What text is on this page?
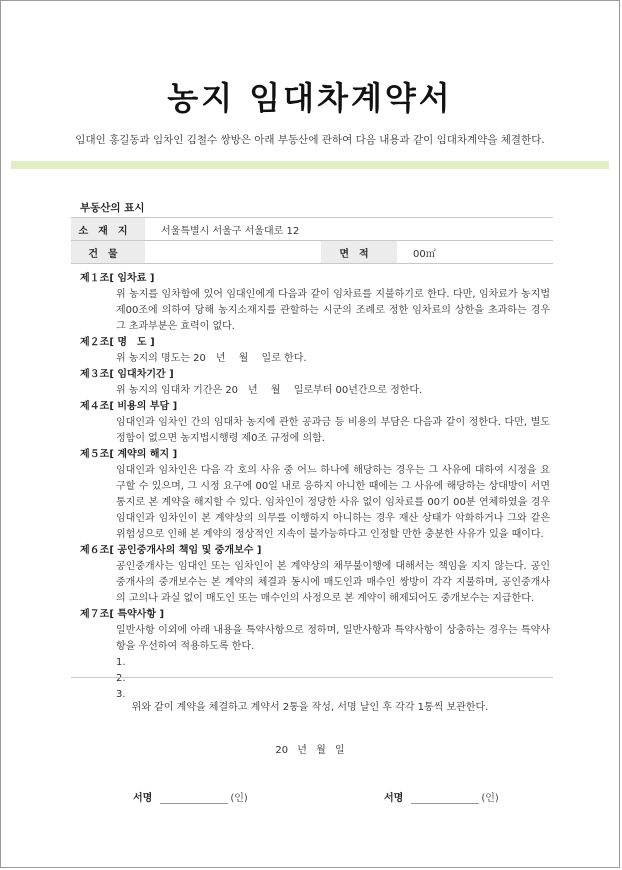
농지 임대차계약서
임대인 홍길동과 임차인 김철수 쌍방은 아래 부동산에 관하여 다음 내용과 같이 임대차계약을 체결한다.
부동산의 표시
소재지	서울특별시 서울구 서울대로 12		
건물		면적	00㎡
제１조[ 임차료 ]
위 농지를 임차함에 있어 임대인에게 다음과 같이 임차료를 지불하기로 한다. 다만, 임차료가 농지법 제00조에 의하여 당해 농지소재지를 관할하는 시군의 조례로 정한 임차료의 상한을 초과하는 경우 그 초과부분은 효력이 없다.
제２조[ 명　도 ]
위 농지의 명도는 20　년　 월　 일로 한다.
제３조[ 임대차기간 ]
위 농지의 임대차 기간은 20　년　 월　 일로부터 00년간으로 정한다.
제４조[ 비용의 부담 ]
임대인과 임차인 간의 임대차 농지에 관한 공과금 등 비용의 부담은 다음과 같이 정한다. 다만, 별도 정함이 없으면 농지법시행령 제0조 규정에 의함.
제５조[ 계약의 해지 ]
임대인과 임차인은 다음 각 호의 사유 중 어느 하나에 해당하는 경우는 그 사유에 대하여 시정을 요구할 수 있으며, 그 시정 요구에 00일 내로 응하지 아니한 때에는 그 사유에 해당하는 상대방이 서면 통지로 본 계약을 해지할 수 있다. 임차인이 정당한 사유 없이 임차료를 00기 00분 연체하였을 경우 임대인과 임차인이 본 계약상의 의무를 이행하지 아니하는 경우 재산 상태가 악화하거나 그와 같은 위험성으로 인해 본 계약의 정상적인 지속이 불가능하다고 인정할 만한 충분한 사유가 있을 때이다.
제６조[ 공인중개사의 책임 및 중개보수 ]
공인중개사는 임대인 또는 임차인이 본 계약상의 채무불이행에 대해서는 책임을 지지 않는다. 공인중개사의 중개보수는 본 계약의 체결과 동시에 매도인과 매수인 쌍방이 각각 지불하며, 공인중개사의 고의나 과실 없이 매도인 또는 매수인의 사정으로 본 계약이 해제되어도 중개보수는 지급한다.
제７조[ 특약사항 ]
일반사항 이외에 아래 내용을 특약사항으로 정하며, 일반사항과 특약사항이 상충하는 경우는 특약사항을 우선하여 적용하도록 한다.
1.
2.
3.
위와 같이 계약을 체결하고 계약서 2통을 작성, 서명 날인 후 각각 1통씩 보관한다.
20 년 월 일
서명	(인)	서명	(인)
